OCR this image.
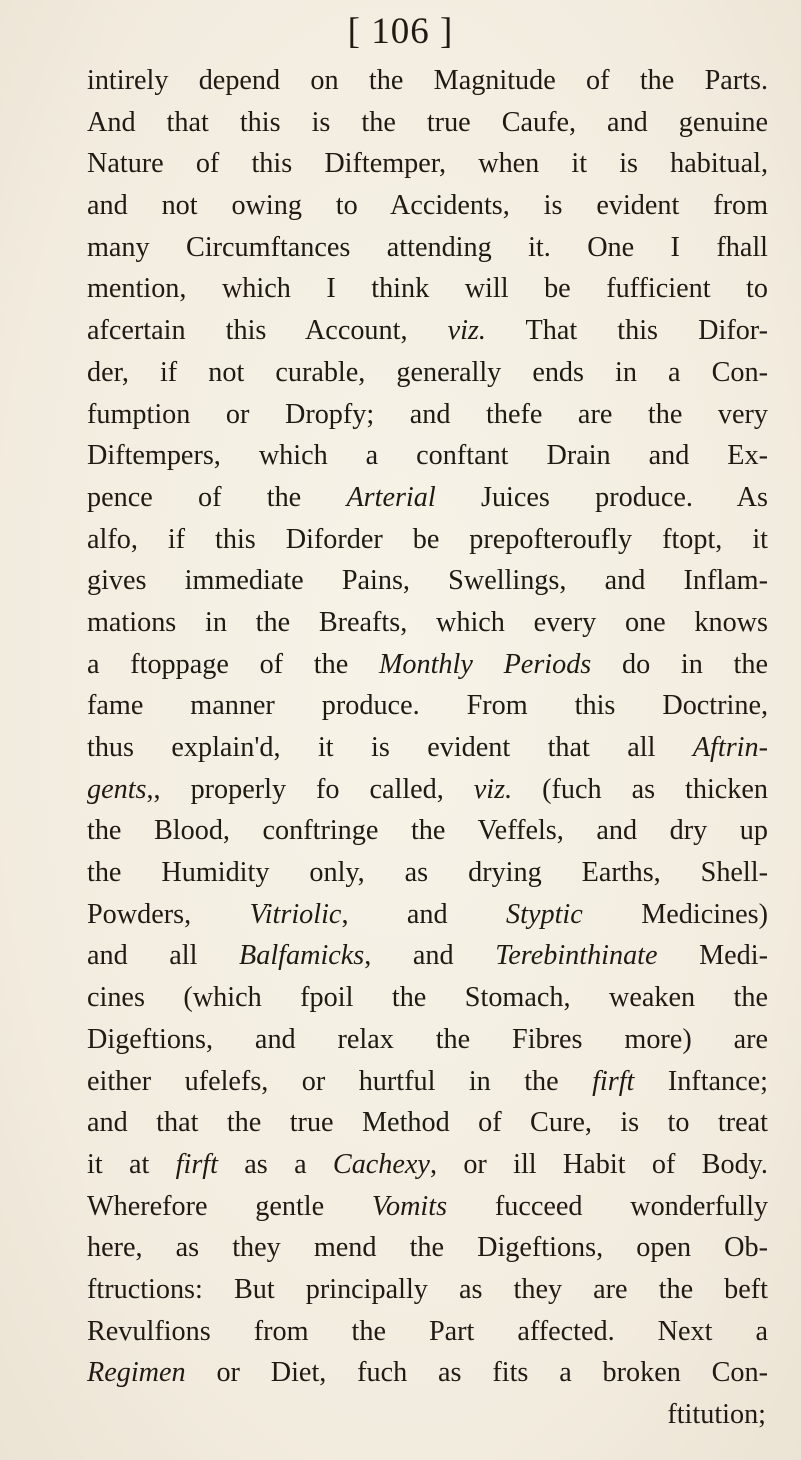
[ 106 ]
intirely depend on the Magnitude of the Parts.
And that this is the true Caufe, and genuine
Nature of this Diftemper, when it is habitual,
and not owing to Accidents, is evident from
many Circumftances attending it. One I fhall
mention, which I think will be fufficient to
afcertain this Account, viz. That this Difor-
der, if not curable, generally ends in a Con-
fumption or Dropfy; and thefe are the very
Diftempers, which a conftant Drain and Ex-
pence of the Arterial Juices produce. As
alfo, if this Diforder be prepofteroufly ftopt, it
gives immediate Pains, Swellings, and Inflam-
mations in the Breafts, which every one knows
a ftoppage of the Monthly Periods do in the
fame manner produce. From this Doctrine,
thus explain'd, it is evident that all Aftrin-
gents,, properly fo called, viz. (fuch as thicken
the Blood, conftringe the Veffels, and dry up
the Humidity only, as drying Earths, Shell-
Powders, Vitriolic, and Styptic Medicines)
and all Balfamicks, and Terebinthinate Medi-
cines (which fpoil the Stomach, weaken the
Digeftions, and relax the Fibres more) are
either ufelefs, or hurtful in the firft Inftance;
and that the true Method of Cure, is to treat
it at firft as a Cachexy, or ill Habit of Body.
Wherefore gentle Vomits fucceed wonderfully
here, as they mend the Digeftions, open Ob-
ftructions: But principally as they are the beft
Revulfions from the Part affected. Next a
Regimen or Diet, fuch as fits a broken Con-
ftitution;
